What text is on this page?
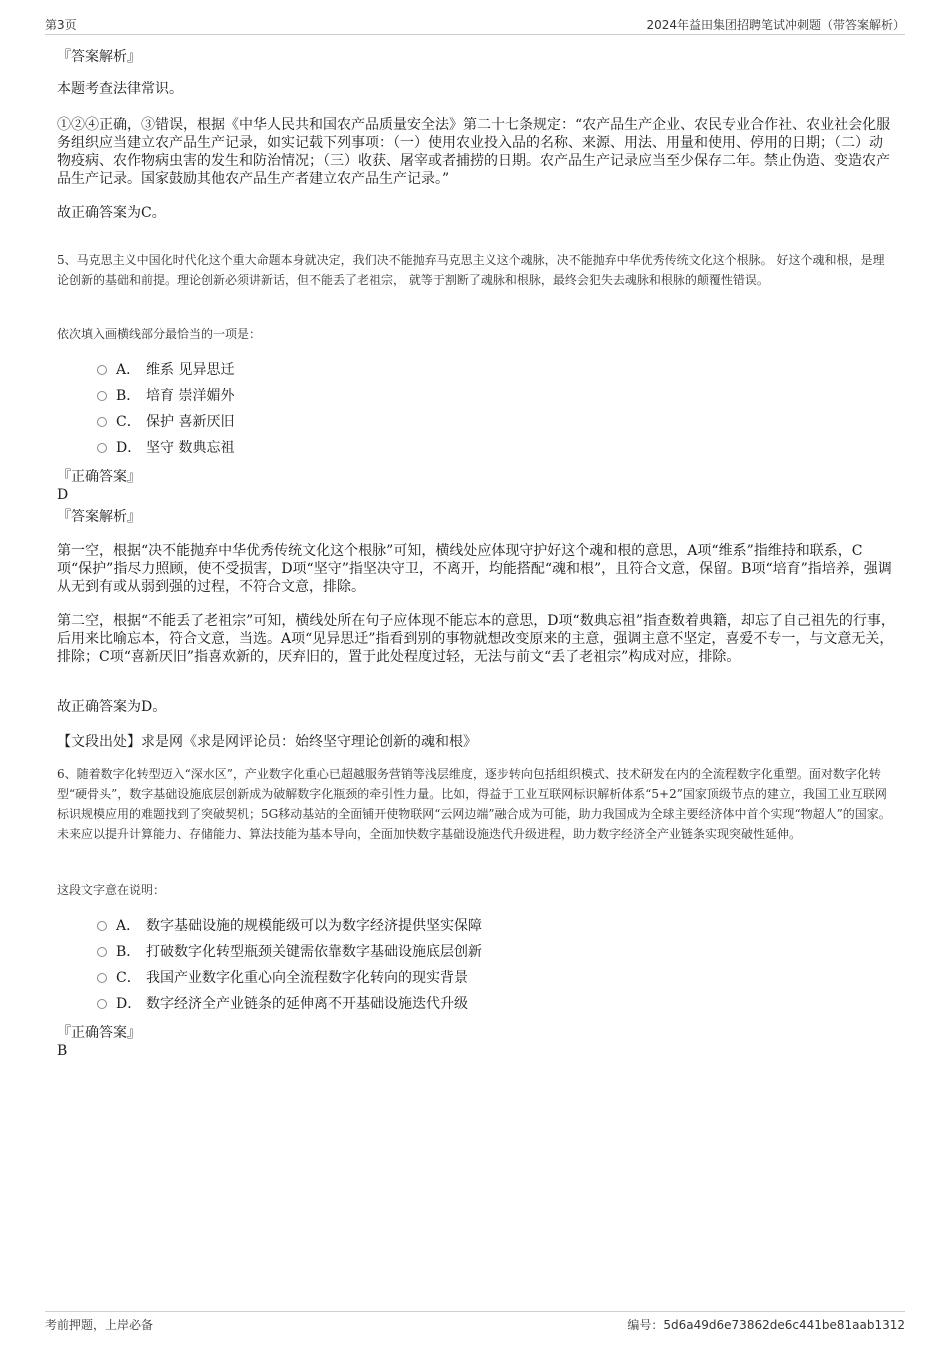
第3页	2024年益田集团招聘笔试冲刺题（带答案解析）
『答案解析』

本题考查法律常识。

①②④正确，③错误，根据《中华人民共和国农产品质量安全法》第二十七条规定：“农产品生产企业、农民专业合作社、农业社会化服务组织应当建立农产品生产记录，如实记载下列事项：（一）使用农业投入品的名称、来源、用法、用量和使用、停用的日期；（二）动物疫病、农作物病虫害的发生和防治情况；（三）收获、屠宰或者捕捞的日期。农产品生产记录应当至少保存二年。禁止伪造、变造农产品生产记录。国家鼓励其他农产品生产者建立农产品生产记录。”

故正确答案为C。

5、马克思主义中国化时代化这个重大命题本身就决定，我们决不能抛弃马克思主义这个魂脉，决不能抛弃中华优秀传统文化这个根脉。 好这个魂和根，是理论创新的基础和前提。理论创新必须讲新话，但不能丢了老祖宗， 就等于割断了魂脉和根脉，最终会犯失去魂脉和根脉的颠覆性错误。

依次填入画横线部分最恰当的一项是：

A． 维系 见异思迁
B． 培育 崇洋媚外
C． 保护 喜新厌旧
D． 坚守 数典忘祖
『正确答案』
D
『答案解析』

第一空，根据“决不能抛弃中华优秀传统文化这个根脉”可知，横线处应体现守护好这个魂和根的意思，A项“维系”指维持和联系，C项“保护”指尽力照顾，使不受损害，D项“坚守”指坚决守卫，不离开，均能搭配“魂和根”，且符合文意，保留。B项“培育”指培养，强调从无到有或从弱到强的过程，不符合文意，排除。

第二空，根据“不能丢了老祖宗”可知，横线处所在句子应体现不能忘本的意思，D项“数典忘祖”指查数着典籍，却忘了自己祖先的行事，后用来比喻忘本，符合文意，当选。A项“见异思迁”指看到别的事物就想改变原来的主意，强调主意不坚定，喜爱不专一，与文意无关，排除；C项“喜新厌旧”指喜欢新的，厌弃旧的，置于此处程度过轻，无法与前文“丢了老祖宗”构成对应，排除。

故正确答案为D。

【文段出处】求是网《求是网评论员：始终坚守理论创新的魂和根》

6、随着数字化转型迈入“深水区”，产业数字化重心已超越服务营销等浅层维度，逐步转向包括组织模式、技术研发在内的全流程数字化重塑。面对数字化转型“硬骨头”，数字基础设施底层创新成为破解数字化瓶颈的牵引性力量。比如，得益于工业互联网标识解析体系“5+2”国家顶级节点的建立，我国工业互联网标识规模应用的难题找到了突破契机；5G移动基站的全面铺开使物联网“云网边端”融合成为可能，助力我国成为全球主要经济体中首个实现“物超人”的国家。未来应以提升计算能力、存储能力、算法技能为基本导向，全面加快数字基础设施迭代升级进程，助力数字经济全产业链条实现突破性延伸。

这段文字意在说明：

A． 数字基础设施的规模能级可以为数字经济提供坚实保障
B． 打破数字化转型瓶颈关键需依靠数字基础设施底层创新
C． 我国产业数字化重心向全流程数字化转向的现实背景
D． 数字经济全产业链条的延伸离不开基础设施迭代升级
『正确答案』
B
考前押题，上岸必备	编号：5d6a49d6e73862de6c441be81aab1312
